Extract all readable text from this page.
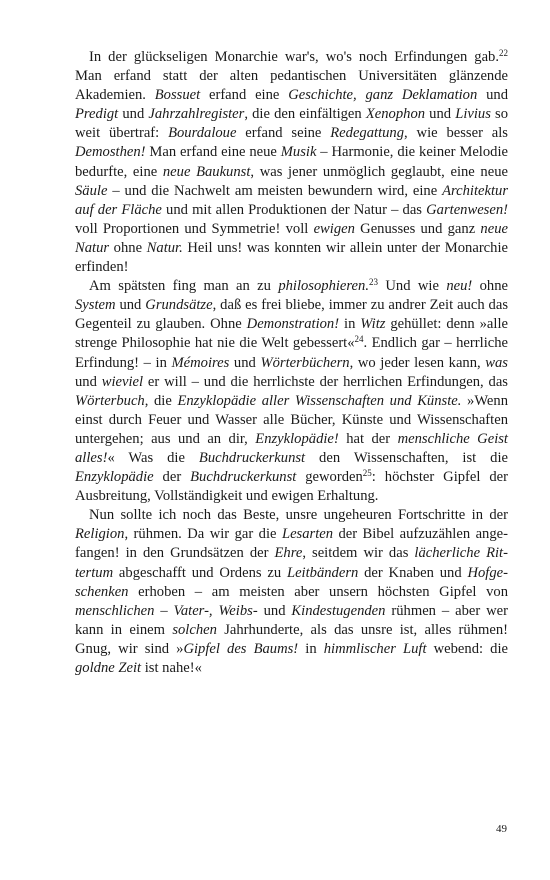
In der glückseligen Monarchie war's, wo's noch Erfindungen gab.$^{22}$ Man erfand statt der alten pedantischen Universitäten glänzende Akademien. Bossuet erfand eine Geschichte, ganz Deklamation und Predigt und Jahrzahlregister, die den einfältigen Xenophon und Livius so weit übertraf: Bourdaloue erfand seine Redegattung, wie besser als Demosthen! Man erfand eine neue Musik – Harmonie, die keiner Melodie bedurfte, eine neue Baukunst, was jener unmöglich geglaubt, eine neue Säule – und die Nachwelt am meisten bewundern wird, eine Architektur auf der Fläche und mit allen Produktionen der Natur – das Gartenwesen! voll Proportionen und Symmetrie! voll ewigen Genusses und ganz neue Natur ohne Natur. Heil uns! was konnten wir allein unter der Monarchie erfinden!

Am spätsten fing man an zu philosophieren.$^{23}$ Und wie neu! ohne System und Grundsätze, daß es frei bliebe, immer zu andrer Zeit auch das Gegenteil zu glauben. Ohne Demonstration! in Witz gehüllet: denn »alle strenge Philosophie hat nie die Welt gebessert«$^{24}$. Endlich gar – herrliche Erfindung! – in Mémoires und Wörterbüchern, wo jeder lesen kann, was und wieviel er will – und die herrlichste der herrlichen Erfindungen, das Wörterbuch, die Enzyklopädie aller Wissenschaften und Künste. »Wenn einst durch Feuer und Wasser alle Bücher, Künste und Wissenschaften untergehen; aus und an dir, Enzyklopädie! hat der menschliche Geist alles!« Was die Buchdruckerkunst den Wissenschaften, ist die Enzyklopädie der Buchdruckerkunst geworden$^{25}$: höchster Gipfel der Ausbreitung, Vollständigkeit und ewigen Erhaltung.

Nun sollte ich noch das Beste, unsre ungeheuren Fortschritte in der Religion, rühmen. Da wir gar die Lesarten der Bibel aufzuzählen angefangen! in den Grundsätzen der Ehre, seitdem wir das lächerliche Rittertum abgeschafft und Ordens zu Leitbändern der Knaben und Hofgeschenken erhoben – am meisten aber unsern höchsten Gipfel von menschlichen – Vater-, Weibs- und Kindestugenden rühmen – aber wer kann in einem solchen Jahrhunderte, als das unsre ist, alles rühmen! Gnug, wir sind »Gipfel des Baums! in himmlischer Luft webend: die goldne Zeit ist nahe!«

49
